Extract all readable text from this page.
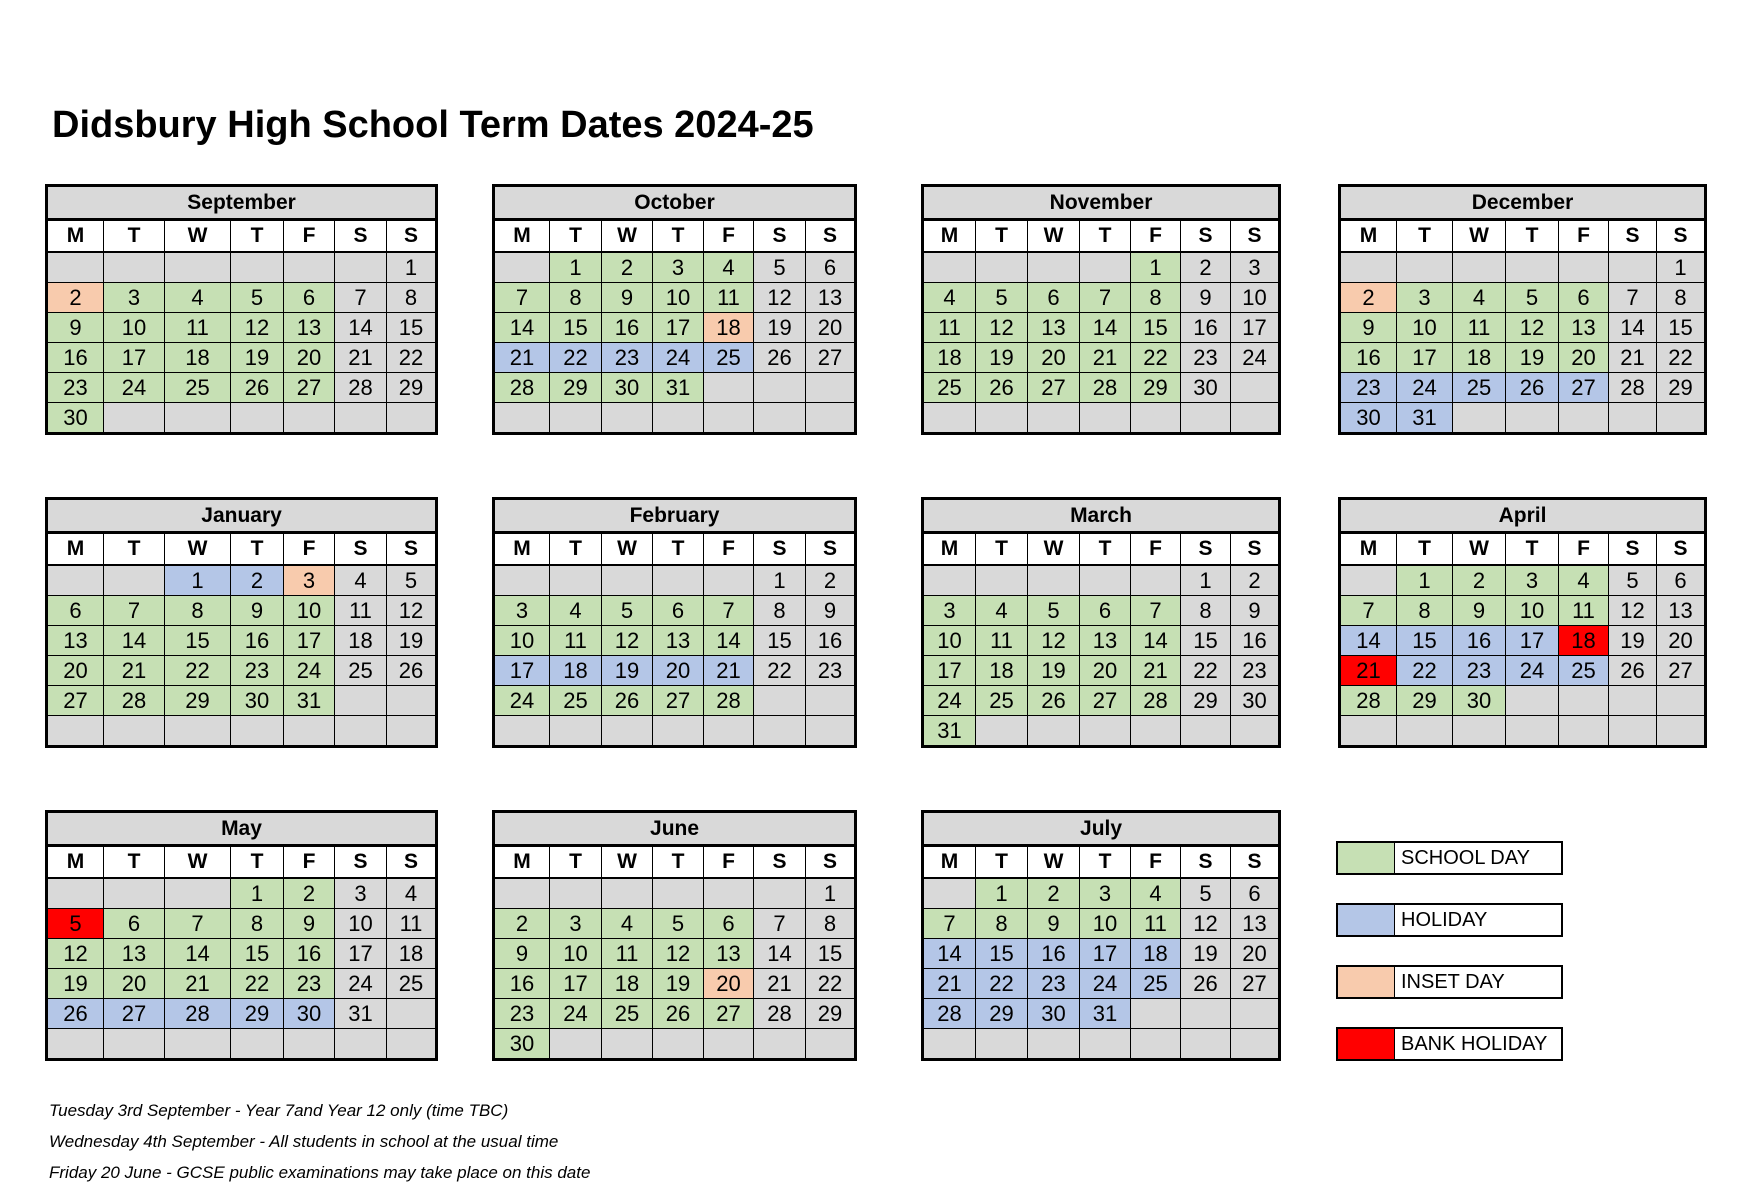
Didsbury High School Term Dates 2024-25
September						
M	T	W	T	F	S	S
						1
2	3	4	5	6	7	8
9	10	11	12	13	14	15
16	17	18	19	20	21	22
23	24	25	26	27	28	29
30						
October						
M	T	W	T	F	S	S
	1	2	3	4	5	6
7	8	9	10	11	12	13
14	15	16	17	18	19	20
21	22	23	24	25	26	27
28	29	30	31			

November						
M	T	W	T	F	S	S
				1	2	3
4	5	6	7	8	9	10
11	12	13	14	15	16	17
18	19	20	21	22	23	24
25	26	27	28	29	30	

December						
M	T	W	T	F	S	S
						1
2	3	4	5	6	7	8
9	10	11	12	13	14	15
16	17	18	19	20	21	22
23	24	25	26	27	28	29
30	31					
January						
M	T	W	T	F	S	S
		1	2	3	4	5
6	7	8	9	10	11	12
13	14	15	16	17	18	19
20	21	22	23	24	25	26
27	28	29	30	31		

February						
M	T	W	T	F	S	S
					1	2
3	4	5	6	7	8	9
10	11	12	13	14	15	16
17	18	19	20	21	22	23
24	25	26	27	28		

March						
M	T	W	T	F	S	S
					1	2
3	4	5	6	7	8	9
10	11	12	13	14	15	16
17	18	19	20	21	22	23
24	25	26	27	28	29	30
31						
April						
M	T	W	T	F	S	S
	1	2	3	4	5	6
7	8	9	10	11	12	13
14	15	16	17	18	19	20
21	22	23	24	25	26	27
28	29	30				

May						
M	T	W	T	F	S	S
			1	2	3	4
5	6	7	8	9	10	11
12	13	14	15	16	17	18
19	20	21	22	23	24	25
26	27	28	29	30	31	

June						
M	T	W	T	F	S	S
						1
2	3	4	5	6	7	8
9	10	11	12	13	14	15
16	17	18	19	20	21	22
23	24	25	26	27	28	29
30						
July						
M	T	W	T	F	S	S
	1	2	3	4	5	6
7	8	9	10	11	12	13
14	15	16	17	18	19	20
21	22	23	24	25	26	27
28	29	30	31			

SCHOOL DAY
HOLIDAY
INSET DAY
BANK HOLIDAY
Tuesday 3rd September - Year 7and Year 12 only (time TBC)
Wednesday 4th September - All students in school at the usual time
Friday 20 June - GCSE public examinations may take place on this date
